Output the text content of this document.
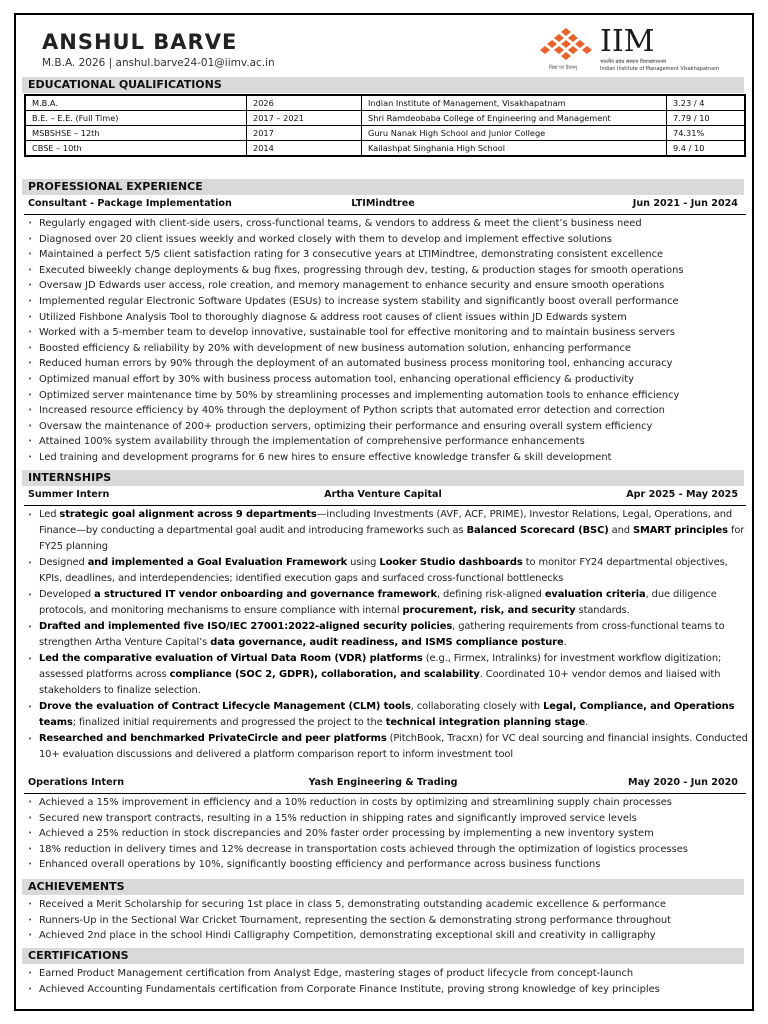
ANSHUL BARVE
M.B.A. 2026 | anshul.barve24-01@iimv.ac.in	विद्या परं दैवतम्
IIM
भारतीय प्रबंध संस्थान विशाखापत्तनम
Indian Institute of Management Visakhapatnam
EDUCATIONAL QUALIFICATIONS
M.B.A.	2026	Indian Institute of Management, Visakhapatnam	3.23 / 4
B.E. – E.E. (Full Time)	2017 – 2021	Shri Ramdeobaba College of Engineering and Management	7.79 / 10
MSBSHSE – 12th	2017	Guru Nanak High School and Junior College	74.31%
CBSE – 10th	2014	Kailashpat Singhania High School	9.4 / 10
PROFESSIONAL EXPERIENCE
Consultant - Package Implementation	LTIMindtree	Jun 2021 - Jun 2024
• Regularly engaged with client-side users, cross-functional teams, & vendors to address & meet the client’s business need
• Diagnosed over 20 client issues weekly and worked closely with them to develop and implement effective solutions
• Maintained a perfect 5/5 client satisfaction rating for 3 consecutive years at LTIMindtree, demonstrating consistent excellence
• Executed biweekly change deployments & bug fixes, progressing through dev, testing, & production stages for smooth operations
• Oversaw JD Edwards user access, role creation, and memory management to enhance security and ensure smooth operations
• Implemented regular Electronic Software Updates (ESUs) to increase system stability and significantly boost overall performance
• Utilized Fishbone Analysis Tool to thoroughly diagnose & address root causes of client issues within JD Edwards system
• Worked with a 5-member team to develop innovative, sustainable tool for effective monitoring and to maintain business servers
• Boosted efficiency & reliability by 20% with development of new business automation solution, enhancing performance
• Reduced human errors by 90% through the deployment of an automated business process monitoring tool, enhancing accuracy
• Optimized manual effort by 30% with business process automation tool, enhancing operational efficiency & productivity
• Optimized server maintenance time by 50% by streamlining processes and implementing automation tools to enhance efficiency
• Increased resource efficiency by 40% through the deployment of Python scripts that automated error detection and correction
• Oversaw the maintenance of 200+ production servers, optimizing their performance and ensuring overall system efficiency
• Attained 100% system availability through the implementation of comprehensive performance enhancements
• Led training and development programs for 6 new hires to ensure effective knowledge transfer & skill development
INTERNSHIPS
Summer Intern	Artha Venture Capital	Apr 2025 - May 2025
• Led strategic goal alignment across 9 departments—including Investments (AVF, ACF, PRIME), Investor Relations, Legal, Operations, and Finance—by conducting a departmental goal audit and introducing frameworks such as Balanced Scorecard (BSC) and SMART principles for FY25 planning
• Designed and implemented a Goal Evaluation Framework using Looker Studio dashboards to monitor FY24 departmental objectives, KPIs, deadlines, and interdependencies; identified execution gaps and surfaced cross-functional bottlenecks
• Developed a structured IT vendor onboarding and governance framework, defining risk-aligned evaluation criteria, due diligence protocols, and monitoring mechanisms to ensure compliance with internal procurement, risk, and security standards.
• Drafted and implemented five ISO/IEC 27001:2022-aligned security policies, gathering requirements from cross-functional teams to strengthen Artha Venture Capital’s data governance, audit readiness, and ISMS compliance posture.
• Led the comparative evaluation of Virtual Data Room (VDR) platforms (e.g., Firmex, Intralinks) for investment workflow digitization; assessed platforms across compliance (SOC 2, GDPR), collaboration, and scalability. Coordinated 10+ vendor demos and liaised with stakeholders to finalize selection.
• Drove the evaluation of Contract Lifecycle Management (CLM) tools, collaborating closely with Legal, Compliance, and Operations teams; finalized initial requirements and progressed the project to the technical integration planning stage.
• Researched and benchmarked PrivateCircle and peer platforms (PitchBook, Tracxn) for VC deal sourcing and financial insights. Conducted 10+ evaluation discussions and delivered a platform comparison report to inform investment tool
Operations Intern	Yash Engineering & Trading	May 2020 - Jun 2020
• Achieved a 15% improvement in efficiency and a 10% reduction in costs by optimizing and streamlining supply chain processes
• Secured new transport contracts, resulting in a 15% reduction in shipping rates and significantly improved service levels
• Achieved a 25% reduction in stock discrepancies and 20% faster order processing by implementing a new inventory system
• 18% reduction in delivery times and 12% decrease in transportation costs achieved through the optimization of logistics processes
• Enhanced overall operations by 10%, significantly boosting efficiency and performance across business functions
ACHIEVEMENTS
• Received a Merit Scholarship for securing 1st place in class 5, demonstrating outstanding academic excellence & performance
• Runners-Up in the Sectional War Cricket Tournament, representing the section & demonstrating strong performance throughout
• Achieved 2nd place in the school Hindi Calligraphy Competition, demonstrating exceptional skill and creativity in calligraphy
CERTIFICATIONS
• Earned Product Management certification from Analyst Edge, mastering stages of product lifecycle from concept-launch
• Achieved Accounting Fundamentals certification from Corporate Finance Institute, proving strong knowledge of key principles
